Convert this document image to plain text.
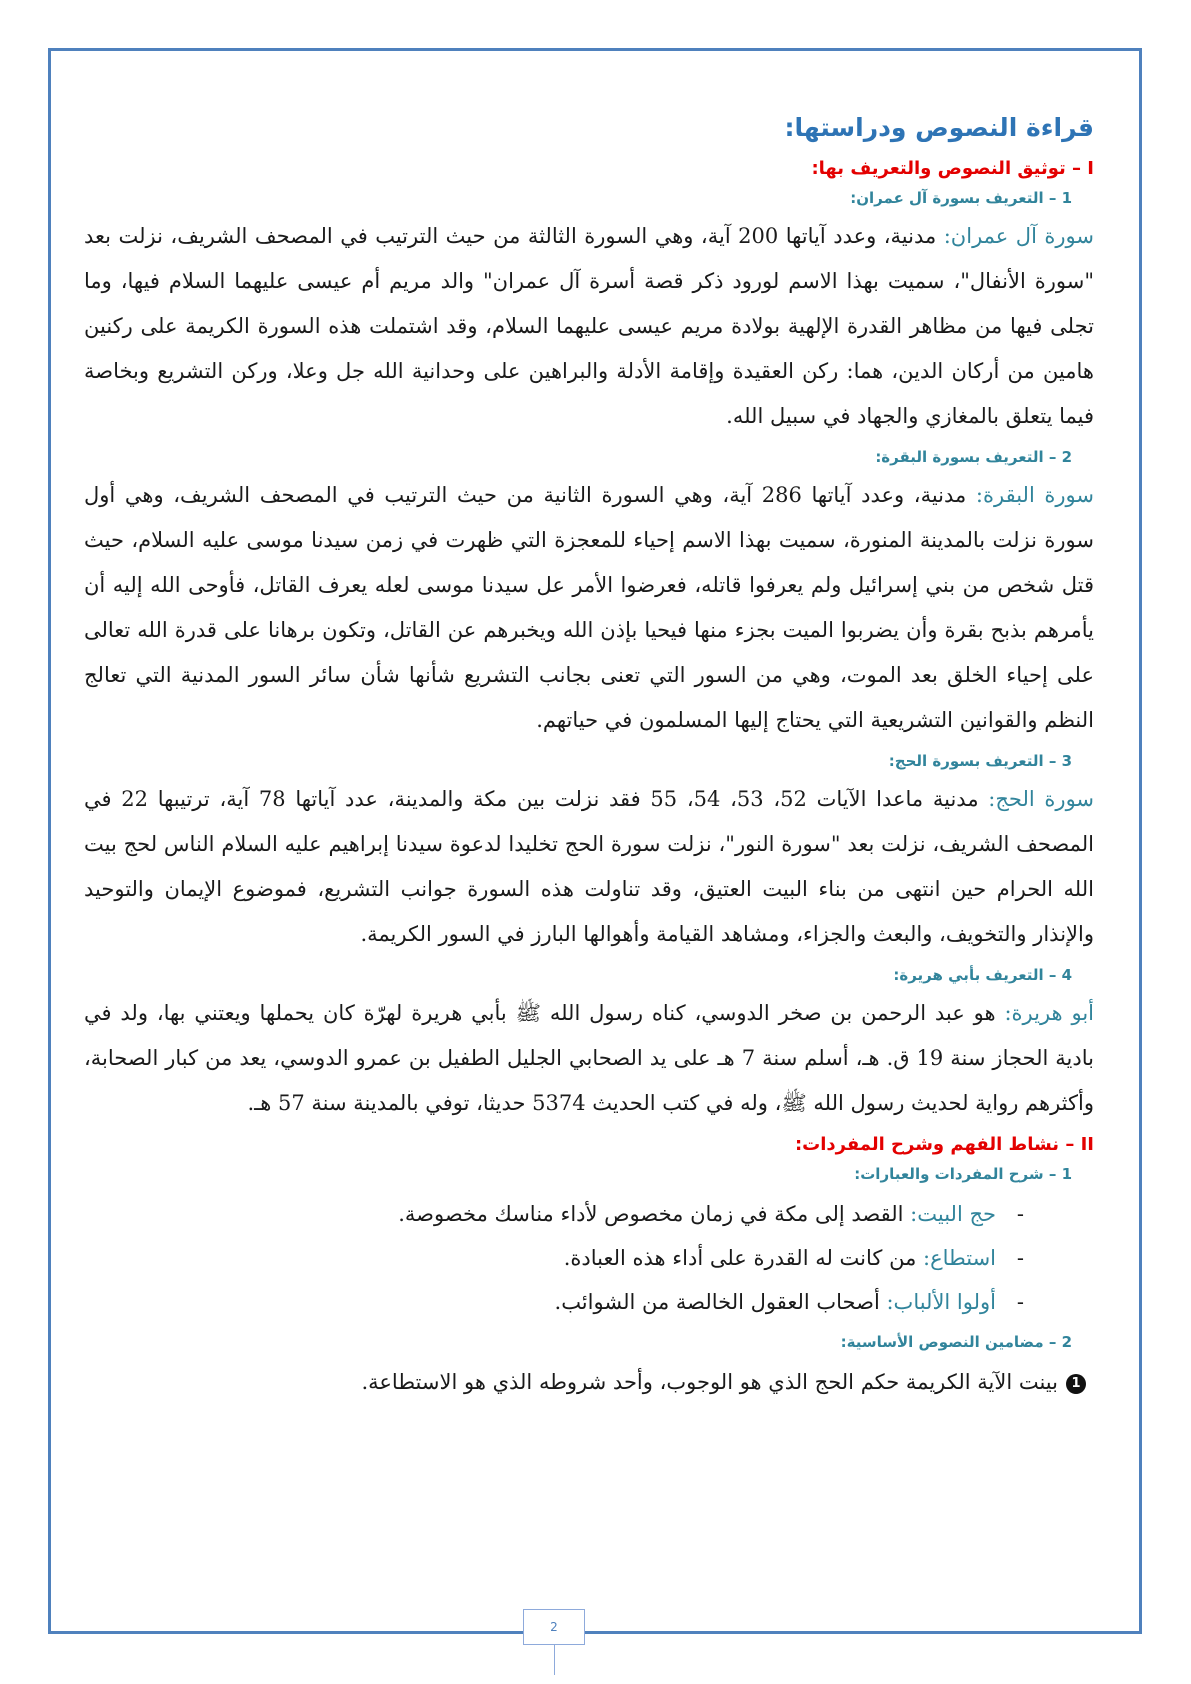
قراءة النصوص ودراستها:
I – توثيق النصوص والتعريف بها:
1 – التعريف بسورة آل عمران:

سورة آل عمران: مدنية، وعدد آياتها 200 آية، وهي السورة الثالثة من حيث الترتيب في المصحف الشريف، نزلت بعد "سورة الأنفال"، سميت بهذا الاسم لورود ذكر قصة أسرة آل عمران" والد مريم أم عيسى عليهما السلام فيها، وما تجلى فيها من مظاهر القدرة الإلهية بولادة مريم عيسى عليهما السلام، وقد اشتملت هذه السورة الكريمة على ركنين هامين من أركان الدين، هما: ركن العقيدة وإقامة الأدلة والبراهين على وحدانية الله جل وعلا، وركن التشريع وبخاصة فيما يتعلق بالمغازي والجهاد في سبيل الله.

2 – التعريف بسورة البقرة:

سورة البقرة: مدنية، وعدد آياتها 286 آية، وهي السورة الثانية من حيث الترتيب في المصحف الشريف، وهي أول سورة نزلت بالمدينة المنورة، سميت بهذا الاسم إحياء للمعجزة التي ظهرت في زمن سيدنا موسى عليه السلام، حيث قتل شخص من بني إسرائيل ولم يعرفوا قاتله، فعرضوا الأمر عل سيدنا موسى لعله يعرف القاتل، فأوحى الله إليه أن يأمرهم بذبح بقرة وأن يضربوا الميت بجزء منها فيحيا بإذن الله ويخبرهم عن القاتل، وتكون برهانا على قدرة الله تعالى على إحياء الخلق بعد الموت، وهي من السور التي تعنى بجانب التشريع شأنها شأن سائر السور المدنية التي تعالج النظم والقوانين التشريعية التي يحتاج إليها المسلمون في حياتهم.

3 – التعريف بسورة الحج:

سورة الحج: مدنية ماعدا الآيات 52، 53، 54، 55 فقد نزلت بين مكة والمدينة، عدد آياتها 78 آية، ترتيبها 22 في المصحف الشريف، نزلت بعد "سورة النور"، نزلت سورة الحج تخليدا لدعوة سيدنا إبراهيم عليه السلام الناس لحج بيت الله الحرام حين انتهى من بناء البيت العتيق، وقد تناولت هذه السورة جوانب التشريع، فموضوع الإيمان والتوحيد والإنذار والتخويف، والبعث والجزاء، ومشاهد القيامة وأهوالها البارز في السور الكريمة.

4 – التعريف بأبي هريرة:

أبو هريرة: هو عبد الرحمن بن صخر الدوسي، كناه رسول الله ﷺ بأبي هريرة لهرّة كان يحملها ويعتني بها، ولد في بادية الحجاز سنة 19 ق. هـ، أسلم سنة 7 هـ على يد الصحابي الجليل الطفيل بن عمرو الدوسي، يعد من كبار الصحابة، وأكثرهم رواية لحديث رسول الله ﷺ، وله في كتب الحديث 5374 حديثا، توفي بالمدينة سنة 57 هـ.

II – نشاط الفهم وشرح المفردات:
1 – شرح المفردات والعبارات:
-حج البيت: القصد إلى مكة في زمان مخصوص لأداء مناسك مخصوصة.
-استطاع: من كانت له القدرة على أداء هذه العبادة.
-أولوا الألباب: أصحاب العقول الخالصة من الشوائب.
2 – مضامين النصوص الأساسية:

1بينت الآية الكريمة حكم الحج الذي هو الوجوب، وأحد شروطه الذي هو الاستطاعة.

2
